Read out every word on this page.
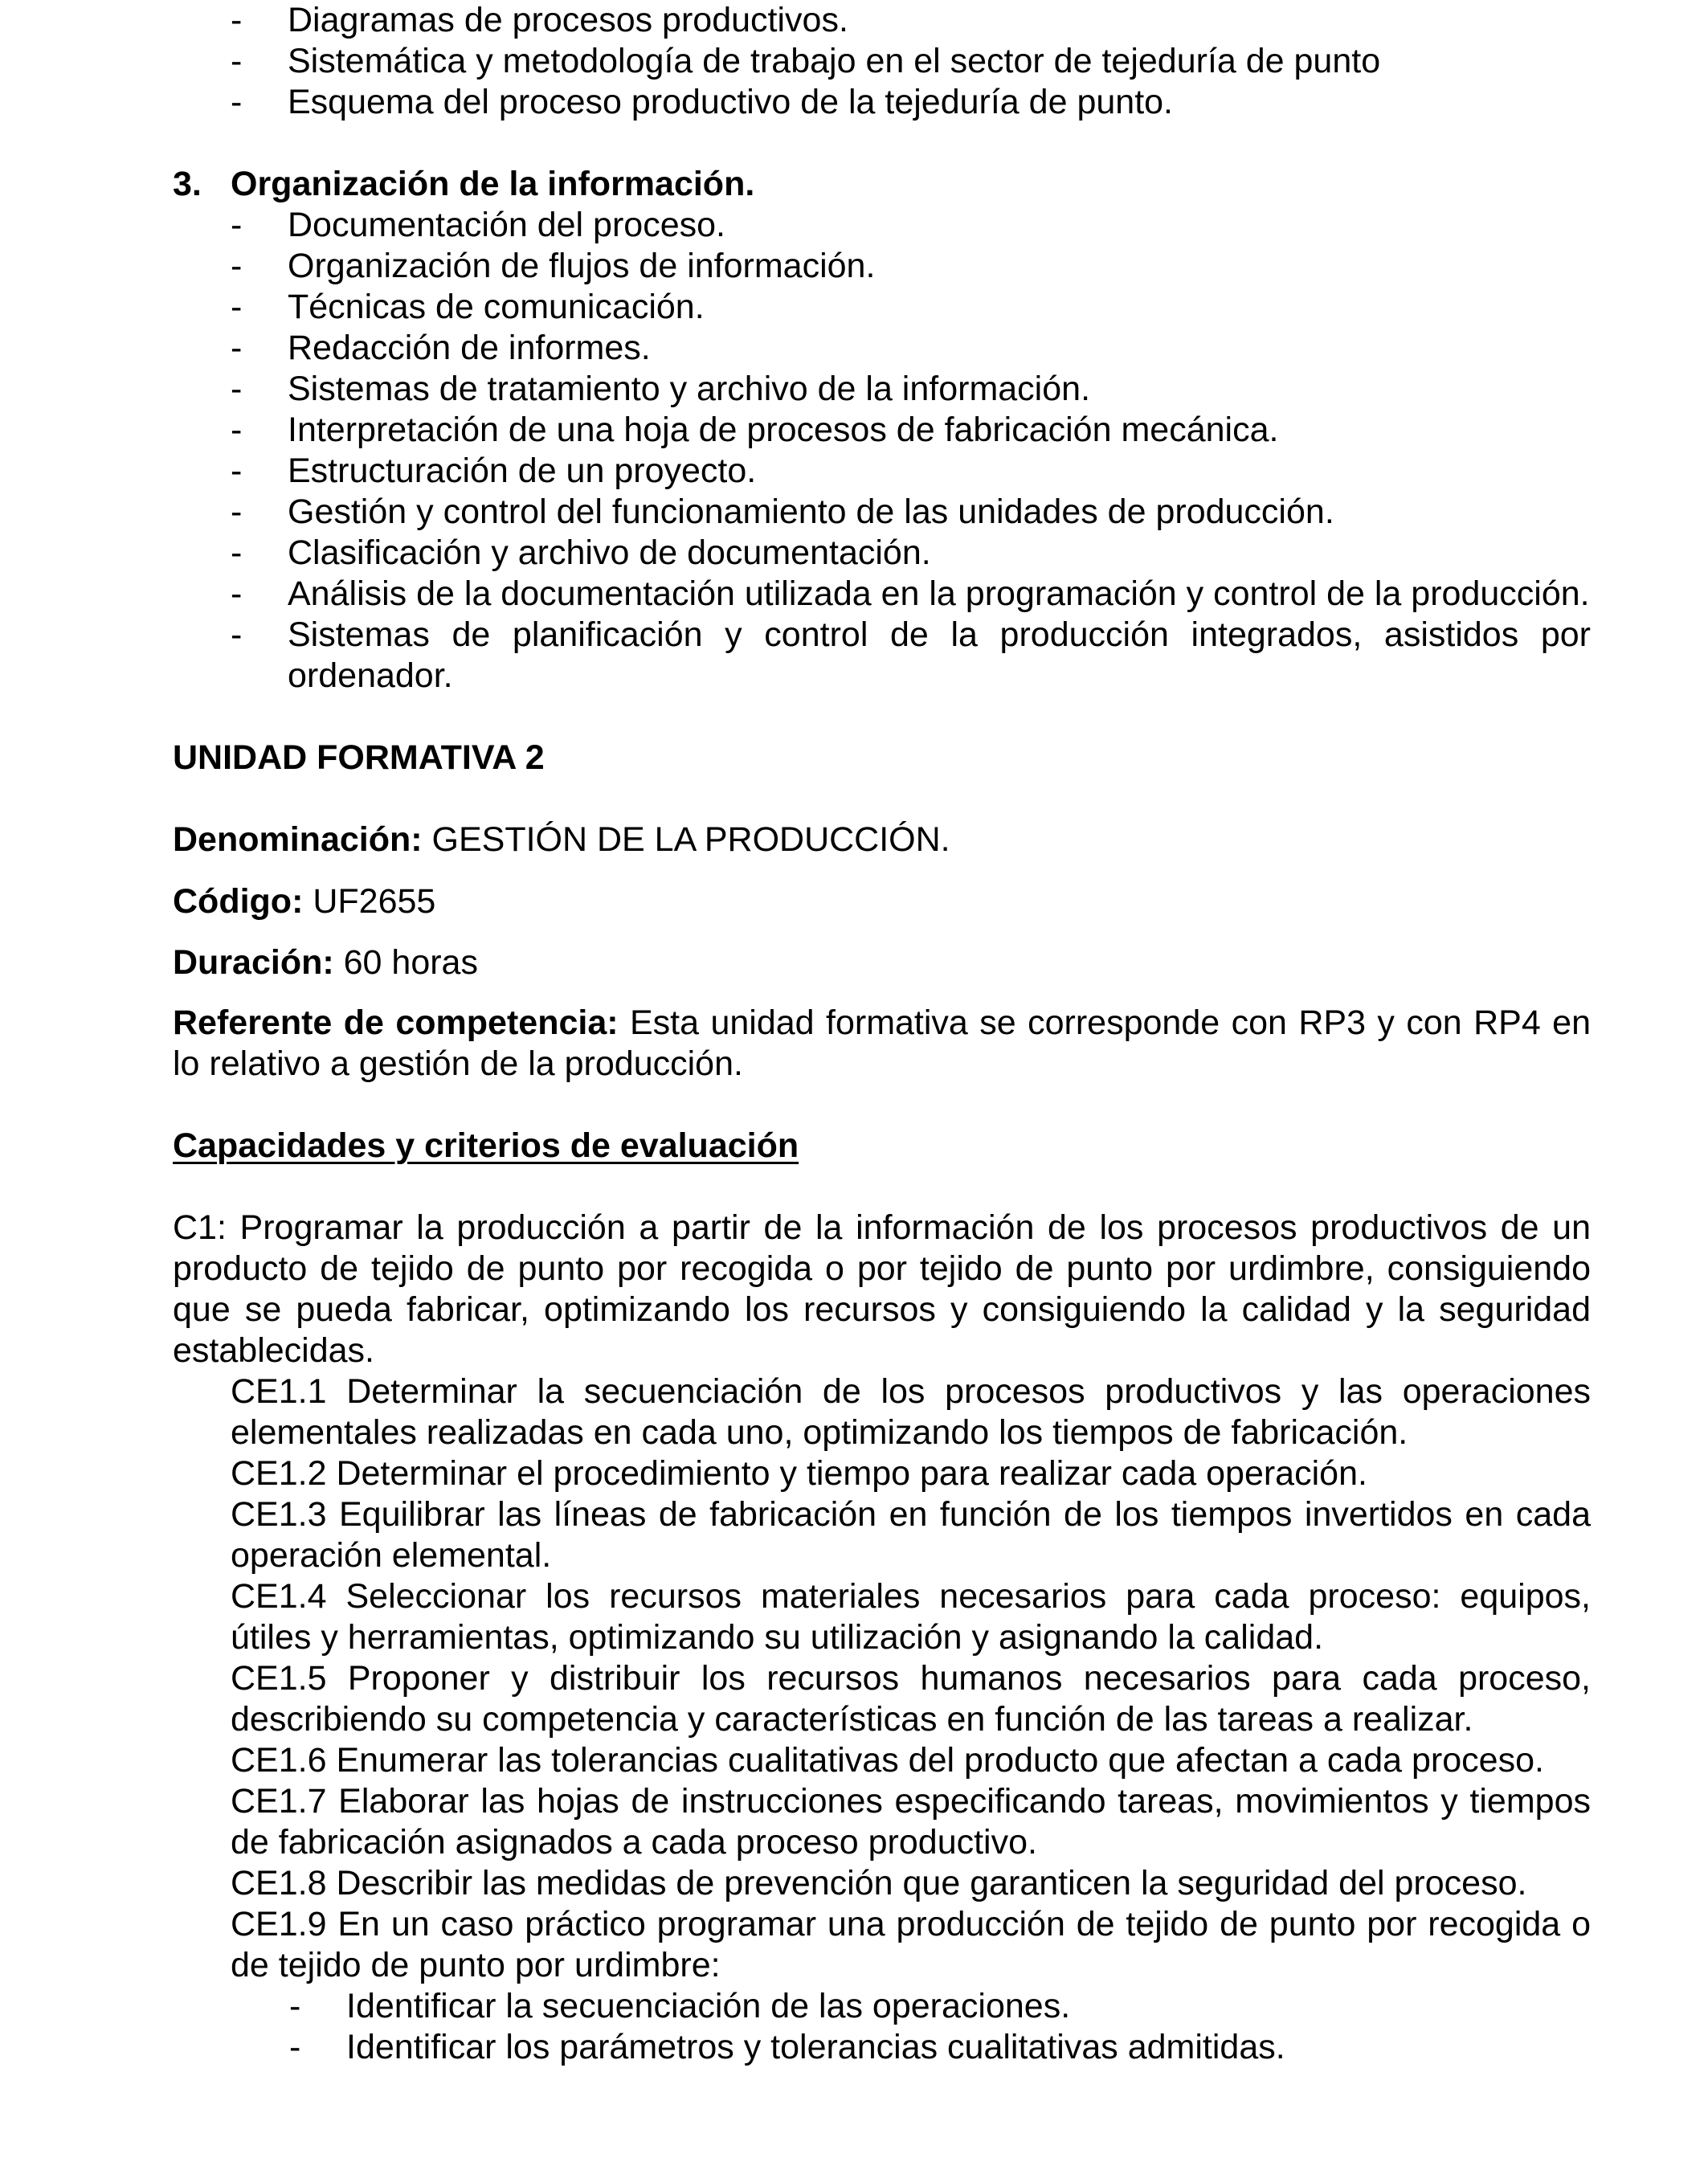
- Diagramas de procesos productivos.
- Sistemática y metodología de trabajo en el sector de tejeduría de punto
- Esquema del proceso productivo de la tejeduría de punto.
3. Organización de la información.
- Documentación del proceso.
- Organización de flujos de información.
- Técnicas de comunicación.
- Redacción de informes.
- Sistemas de tratamiento y archivo de la información.
- Interpretación de una hoja de procesos de fabricación mecánica.
- Estructuración de un proyecto.
- Gestión y control del funcionamiento de las unidades de producción.
- Clasificación y archivo de documentación.
- Análisis de la documentación utilizada en la programación y control de la producción.
- Sistemas de planificación y control de la producción integrados, asistidos por ordenador.
UNIDAD FORMATIVA 2
Denominación: GESTIÓN DE LA PRODUCCIÓN.
Código: UF2655
Duración: 60 horas
Referente de competencia: Esta unidad formativa se corresponde con RP3 y con RP4 en lo relativo a gestión de la producción.
Capacidades y criterios de evaluación
C1: Programar la producción a partir de la información de los procesos productivos de un producto de tejido de punto por recogida o por tejido de punto por urdimbre, consiguiendo que se pueda fabricar, optimizando los recursos y consiguiendo la calidad y la seguridad establecidas.
CE1.1 Determinar la secuenciación de los procesos productivos y las operaciones elementales realizadas en cada uno, optimizando los tiempos de fabricación.
CE1.2 Determinar el procedimiento y tiempo para realizar cada operación.
CE1.3 Equilibrar las líneas de fabricación en función de los tiempos invertidos en cada operación elemental.
CE1.4 Seleccionar los recursos materiales necesarios para cada proceso: equipos, útiles y herramientas, optimizando su utilización y asignando la calidad.
CE1.5 Proponer y distribuir los recursos humanos necesarios para cada proceso, describiendo su competencia y características en función de las tareas a realizar.
CE1.6 Enumerar las tolerancias cualitativas del producto que afectan a cada proceso.
CE1.7 Elaborar las hojas de instrucciones especificando tareas, movimientos y tiempos de fabricación asignados a cada proceso productivo.
CE1.8 Describir las medidas de prevención que garanticen la seguridad del proceso.
CE1.9 En un caso práctico programar una producción de tejido de punto por recogida o de tejido de punto por urdimbre:
- Identificar la secuenciación de las operaciones.
- Identificar los parámetros y tolerancias cualitativas admitidas.
